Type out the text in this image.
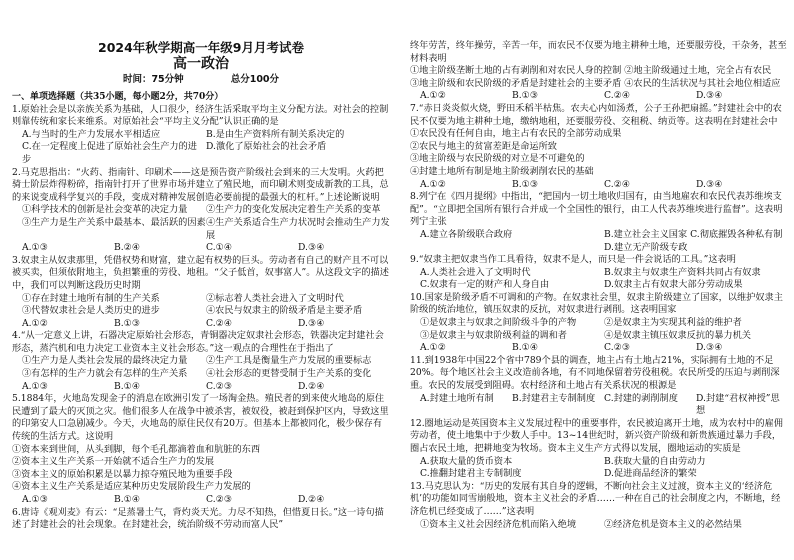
2024年秋学期高一年级9月月考试卷
高一政治
时间：75分钟	总分100分
一、单项选择题（共35小题，每小题2分，共70分）
1.原始社会是以亲族关系为基础，人口很少，经济生活采取平均主义分配方法。对社会的控制则靠传统和家长来维系。对原始社会“平均主义分配”认识正确的是
A.与当时的生产力发展水平相适应	B.是由生产资料所有制关系决定的
C.在一定程度上促进了原始社会生产力的进步
D.激化了原始社会的社会矛盾
2.马克思指出：“火药、指南针、印刷术——这是预告资产阶级社会到来的三大发明。火药把骑士阶层炸得粉碎，指南针打开了世界市场并建立了殖民地，而印刷术则变成新教的工具，总的来说变成科学复兴的手段，变成对精神发展创造必要前提的最强大的杠杆。”上述论断说明
①科学技术的创新是社会变革的决定力量	②生产力的变化发展决定着生产关系的变革
③生产力是生产关系中最基本、最活跃的因素 ④生产关系适合生产力状况时会推动生产力发展
A.①③	B.②④	C.①④	D.③④
3.奴隶主从奴隶那里，凭借权势和财富，建立起有权势的巨头。劳动者有自己的财产且不可以被买卖，但须依附地主，负担繁重的劳役、地租。“父子低首，奴事富人”。从这段文字的描述中，我们可以判断这段历史时期
①存在封建土地所有制的生产关系	②标志着人类社会进入了文明时代
③代替奴隶社会是人类历史的进步	④农民与奴隶主的阶级矛盾是主要矛盾
A.①②	B.①③	C.②④	D.③④
4.“从一定意义上讲，石器决定原始社会形态，青铜器决定奴隶社会形态，铁器决定封建社会形态，蒸汽机和电力决定工业资本主义社会形态。”这一观点的合理性在于指出了
①生产力是人类社会发展的最终决定力量	②生产工具是衡量生产力发展的重要标志
③有怎样的生产力就会有怎样的生产关系	④社会形态的更替受制于生产关系的变化
A.①③	B.①④	C.②③	D.②④
5.1884年，火地岛发现金子的消息在欧洲引发了一场淘金热。殖民者的到来使火地岛的原住民遭到了最大的灭顶之灾。他们很多人在战争中被杀害，被奴役，被赶到保护区内，导致这里的印第安人口急剧减少。今天，火地岛的原住民仅有20万。但基本上都被同化，极少保存有传统的生活方式。这说明
①资本来到世间，从头到脚，每个毛孔都滴着血和肮脏的东西
②资本主义生产关系一开始就不适合生产力的发展
③资本主义的原始积累是以暴力掠夺殖民地为重要手段
④资本主义生产关系是适应某种历史发展阶段生产力发展的
A.①③	B.①④	C.②③	D.②④
6.唐诗《观刈麦》有云：“足蒸暑土气，背灼炎天光。力尽不知热，但惜夏日长。”这一诗句描述了封建社会的社会现象。在封建社会，统治阶级不劳动而富人民”
终年劳苦，终年操劳，辛苦一年，而农民不仅要为地主耕种土地，还要服劳役，干杂务，甚至
材料表明
①地主阶级垄断土地的占有剥削和对农民人身的控制 ②地主阶级通过土地，完全占有农民
③地主阶级和农民阶级的矛盾是封建社会的主要矛盾 ④农民的生活状况与其社会地位相适应
A.①②	B.①③	C.②④	D.③④
7.“赤日炎炎似火烧，野田禾稻半枯焦。农夫心内如汤煮，公子王孙把扇摇。”封建社会中的农民不仅要为地主耕种土地，缴纳地租，还要服劳役、交租税、纳贡等。这表明在封建社会中
①农民没有任何自由，地主占有农民的全部劳动成果
②农民与地主的贫富差距是命运所致
③地主阶级与农民阶级的对立是不可避免的
④封建土地所有制是地主阶级剥削农民的基础
A.①②	B.①③	C.②④	D.③④
8.列宁在《四月提纲》中指出，“把国内一切土地收归国有，由当地雇农和农民代表苏维埃支配”。“立即把全国所有银行合并成一个全国性的银行，由工人代表苏维埃进行监督”。这表明列宁主张
A.建立各阶级联合政府	B.建立社会主义国家 C.彻底摧毁各种私有制 D.建立无产阶级专政
9.“奴隶主把奴隶当作工具看待，奴隶不是人，而只是一件会说话的工具。”这表明
A.人类社会进入了文明时代	B.奴隶主与奴隶生产资料共同占有奴隶
C.奴隶有一定的财产和人身自由	D.奴隶主占有奴隶大部分劳动成果
10.国家是阶级矛盾不可调和的产物。在奴隶社会里，奴隶主阶级建立了国家，以维护奴隶主阶级的统治地位，镇压奴隶的反抗，对奴隶进行剥削。这表明国家
①是奴隶主与奴隶之间阶级斗争的产物	②是奴隶主为实现其利益的维护者
③是奴隶主与奴隶阶级利益的调和者	④是奴隶主镇压奴隶反抗的暴力机关
A.①②	B.①④	C.②③	D.③④
11.到1938年中国22个省中789个县的调查，地主占有土地占21%，实际拥有土地的不足20%。每个地区社会主义改造前各地，有不同地保留着劳役租税。农民所受的压迫与剥削深重。农民的发展受到阻碍。农村经济和土地占有关系状况的根源是
A.封建土地所有制	B.封建君主专制制度 C.封建的剥削制度	D.封建“君权神授”思想
12.圈地运动是英国资本主义发展过程中的重要事件，农民被迫离开土地，成为农村中的雇佣劳动者，使土地集中于少数人手中。13~14世纪时，新兴资产阶级和新贵族通过暴力手段，圈占农民土地，把耕地变为牧场。资本主义生产方式得以发展，圈地运动的实质是
A.获取大量的货币资本	B.获取大量的自由劳动力
C.推翻封建君主专制制度	D.促进商品经济的繁荣
13.马克思认为：“历史的发展有其自身的逻辑，不断向社会主义过渡，资本主义的‘经济危机’的功能如同雪崩般地，资本主义社会的矛盾……一种在自己的社会制度之内，不断地，经济危机已经变成了……”这表明
①资本主义社会因经济危机而陷入绝境	②经济危机是资本主义的必然结果
